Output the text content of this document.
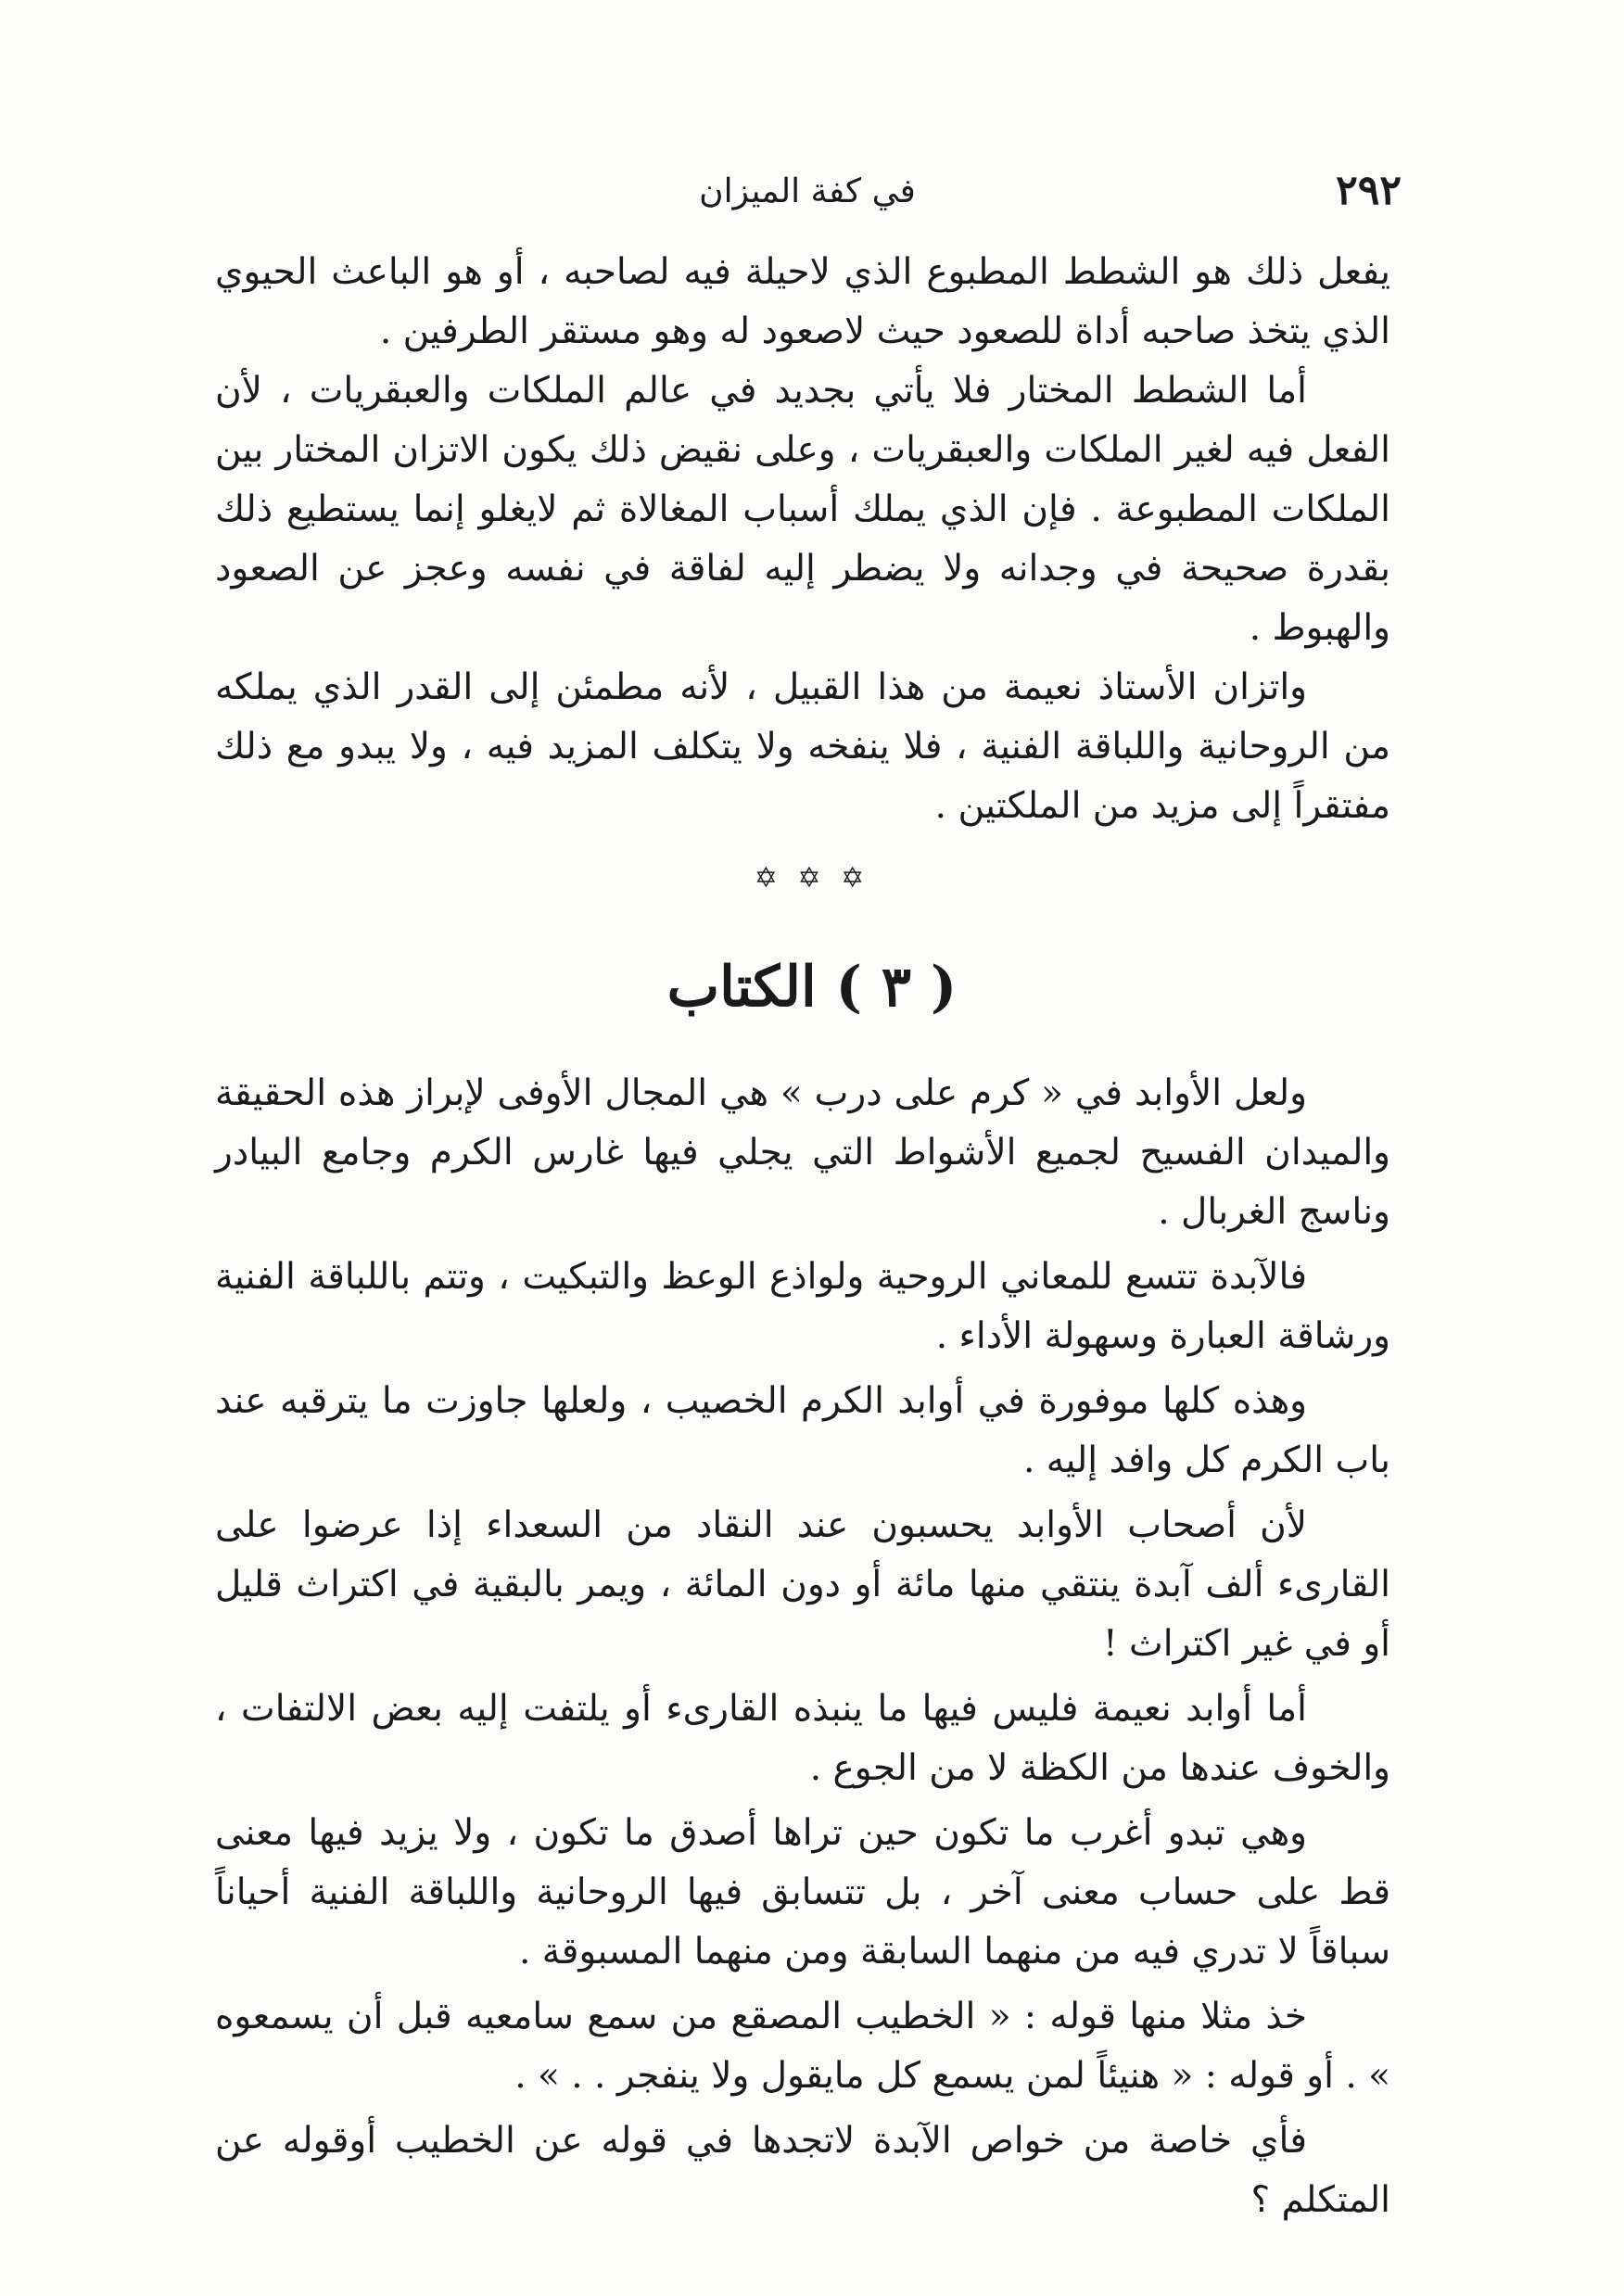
٢٩٢
في كفة الميزان

يفعل ذلك هو الشطط المطبوع الذي لاحيلة فيه لصاحبه ، أو هو الباعث الحيوي الذي يتخذ صاحبه أداة للصعود حيث لاصعود له وهو مستقر الطرفين .

أما الشطط المختار فلا يأتي بجديد في عالم الملكات والعبقريات ، لأن الفعل فيه لغير الملكات والعبقريات ، وعلى نقيض ذلك يكون الاتزان المختار بين الملكات المطبوعة . فإن الذي يملك أسباب المغالاة ثم لايغلو إنما يستطيع ذلك بقدرة صحيحة في وجدانه ولا يضطر إليه لفاقة في نفسه وعجز عن الصعود والهبوط .

واتزان الأستاذ نعيمة من هذا القبيل ، لأنه مطمئن إلى القدر الذي يملكه من الروحانية واللباقة الفنية ، فلا ينفخه ولا يتكلف المزيد فيه ، ولا يبدو مع ذلك مفتقراً إلى مزيد من الملكتين .

✡ ✡ ✡
( ٣ ) الكتاب

ولعل الأوابد في « كرم على درب » هي المجال الأوفى لإبراز هذه الحقيقة والميدان الفسيح لجميع الأشواط التي يجلي فيها غارس الكرم وجامع البيادر وناسج الغربال .

فالآبدة تتسع للمعاني الروحية ولواذع الوعظ والتبكيت ، وتتم باللباقة الفنية ورشاقة العبارة وسهولة الأداء .

وهذه كلها موفورة في أوابد الكرم الخصيب ، ولعلها جاوزت ما يترقبه عند باب الكرم كل وافد إليه .

لأن أصحاب الأوابد يحسبون عند النقاد من السعداء إذا عرضوا على القارىء ألف آبدة ينتقي منها مائة أو دون المائة ، ويمر بالبقية في اكتراث قليل أو في غير اكتراث !

أما أوابد نعيمة فليس فيها ما ينبذه القارىء أو يلتفت إليه بعض الالتفات ، والخوف عندها من الكظة لا من الجوع .

وهي تبدو أغرب ما تكون حين تراها أصدق ما تكون ، ولا يزيد فيها معنى قط على حساب معنى آخر ، بل تتسابق فيها الروحانية واللباقة الفنية أحياناً سباقاً لا تدري فيه من منهما السابقة ومن منهما المسبوقة .

خذ مثلا منها قوله : « الخطيب المصقع من سمع سامعيه قبل أن يسمعوه » . أو قوله : « هنيئاً لمن يسمع كل مايقول ولا ينفجر . . » .

فأي خاصة من خواص الآبدة لاتجدها في قوله عن الخطيب أوقوله عن المتكلم ؟
